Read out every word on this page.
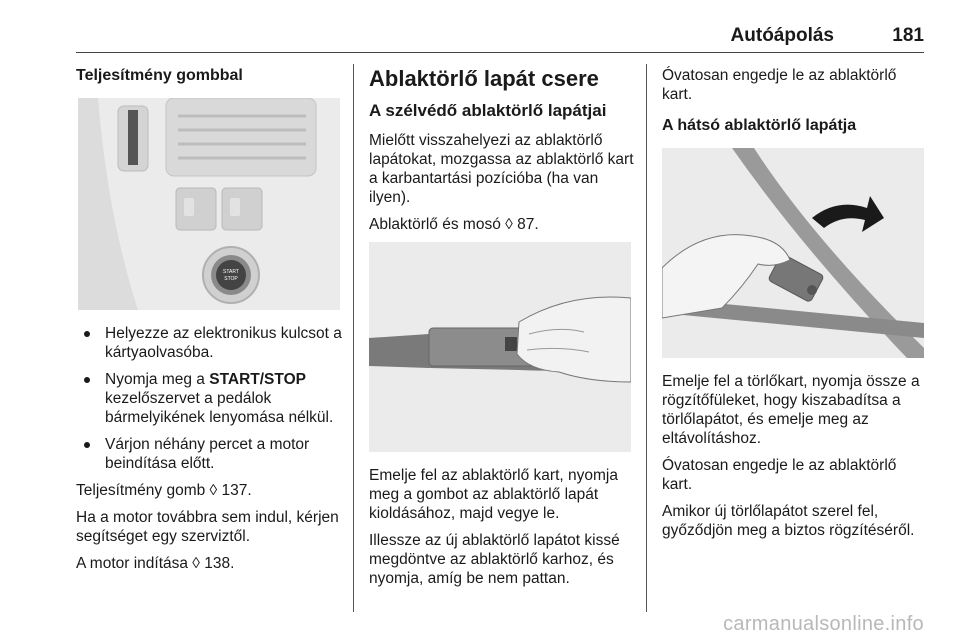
Autóápolás	181
Teljesítmény gombbal
START
STOP
Helyezze az elektronikus kulcsot a kártyaolvasóba.
Nyomja meg a START/STOP kezelőszervet a pedálok bármelyikének lenyomása nélkül.
Várjon néhány percet a motor beindítása előtt.

Teljesítmény gomb ◊ 137.

Ha a motor továbbra sem indul, kérjen segítséget egy szerviztől.

A motor indítása ◊ 138.

Ablaktörlő lapát csere
A szélvédő ablaktörlő lapátjai

Mielőtt visszahelyezi az ablaktörlő lapátokat, mozgassa az ablaktörlő kart a karbantartási pozícióba (ha van ilyen).

Ablaktörlő és mosó ◊ 87.

Emelje fel az ablaktörlő kart, nyomja meg a gombot az ablaktörlő lapát kioldásához, majd vegye le.

Illessze az új ablaktörlő lapátot kissé megdöntve az ablaktörlő karhoz, és nyomja, amíg be nem pattan.

Óvatosan engedje le az ablaktörlő kart.

A hátsó ablaktörlő lapátja

Emelje fel a törlőkart, nyomja össze a rögzítőfüleket, hogy kiszabadítsa a törlőlapátot, és emelje meg az eltávolításhoz.

Óvatosan engedje le az ablaktörlő kart.

Amikor új törlőlapátot szerel fel, győződjön meg a biztos rögzítéséről.

carmanualsonline.info
